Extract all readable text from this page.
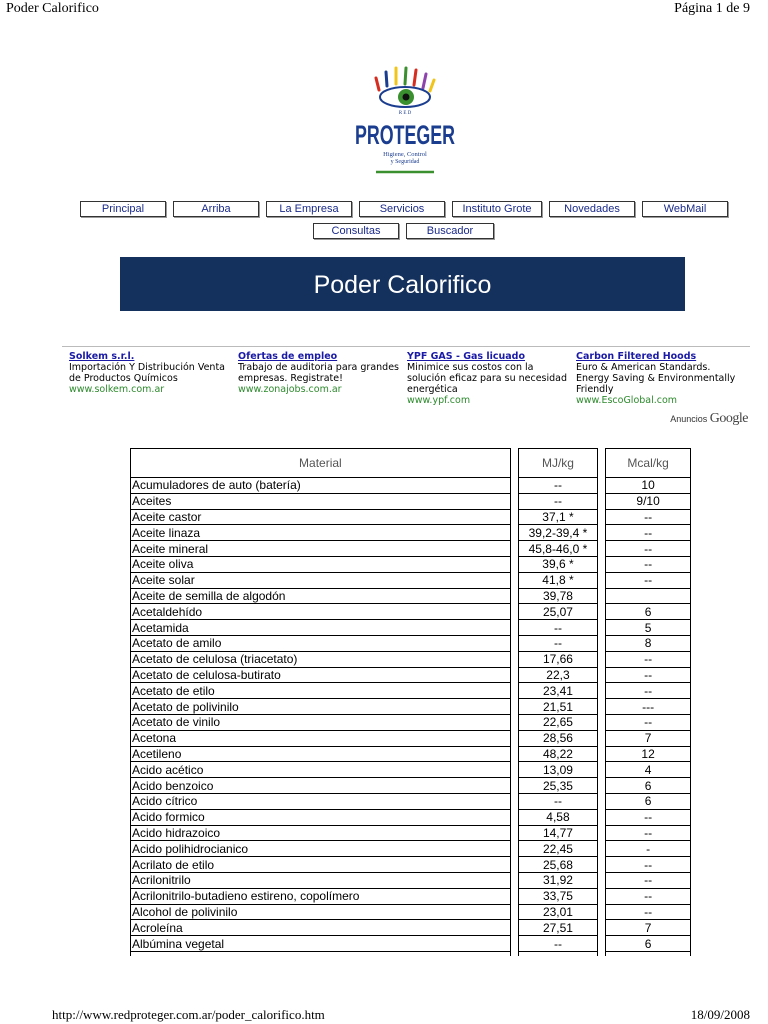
Poder Calorifico	Página 1 de 9
R E D
PROTEGER
Higiene, Control
y Seguridad
Principal	Arriba	La Empresa	Servicios	Instituto Grote	Novedades	WebMail
Consultas	Buscador
Poder Calorifico
Solkem s.r.l.
Importación Y Distribución Venta de Productos Químicos
www.solkem.com.ar
Ofertas de empleo
Trabajo de auditoria para grandes empresas. Registrate!
www.zonajobs.com.ar
YPF GAS - Gas licuado
Minimice sus costos con la solución eficaz para su necesidad energética
www.ypf.com
Carbon Filtered Hoods
Euro & American Standards. Energy Saving & Environmentally Friendly
www.EscoGlobal.com
Anuncios Google
Material		MJ/kg		Mcal/kg
Acumuladores de auto (batería)		--		10
Aceites		--		9/10
Aceite castor		37,1 *		--
Aceite linaza		39,2-39,4 *		--
Aceite mineral		45,8-46,0 *		--
Aceite oliva		39,6 *		--
Aceite solar		41,8 *		--
Aceite de semilla de algodón		39,78		
Acetaldehído		25,07		6
Acetamida		--		5
Acetato de amilo		--		8
Acetato de celulosa (triacetato)		17,66		--
Acetato de celulosa-butirato		22,3		--
Acetato de etilo		23,41		--
Acetato de polivinilo		21,51		---
Acetato de vinilo		22,65		--
Acetona		28,56		7
Acetileno		48,22		12
Acido acético		13,09		4
Acido benzoico		25,35		6
Acido cítrico		--		6
Acido formico		4,58		--
Acido hidrazoico		14,77		--
Acido polihidrocianico		22,45		-
Acrilato de etilo		25,68		--
Acrilonitrilo		31,92		--
Acrilonitrilo-butadieno estireno, copolímero		33,75		--
Alcohol de polivinilo		23,01		--
Acroleína		27,51		7
Albúmina vegetal		--		6

http://www.redproteger.com.ar/poder_calorifico.htm	18/09/2008
